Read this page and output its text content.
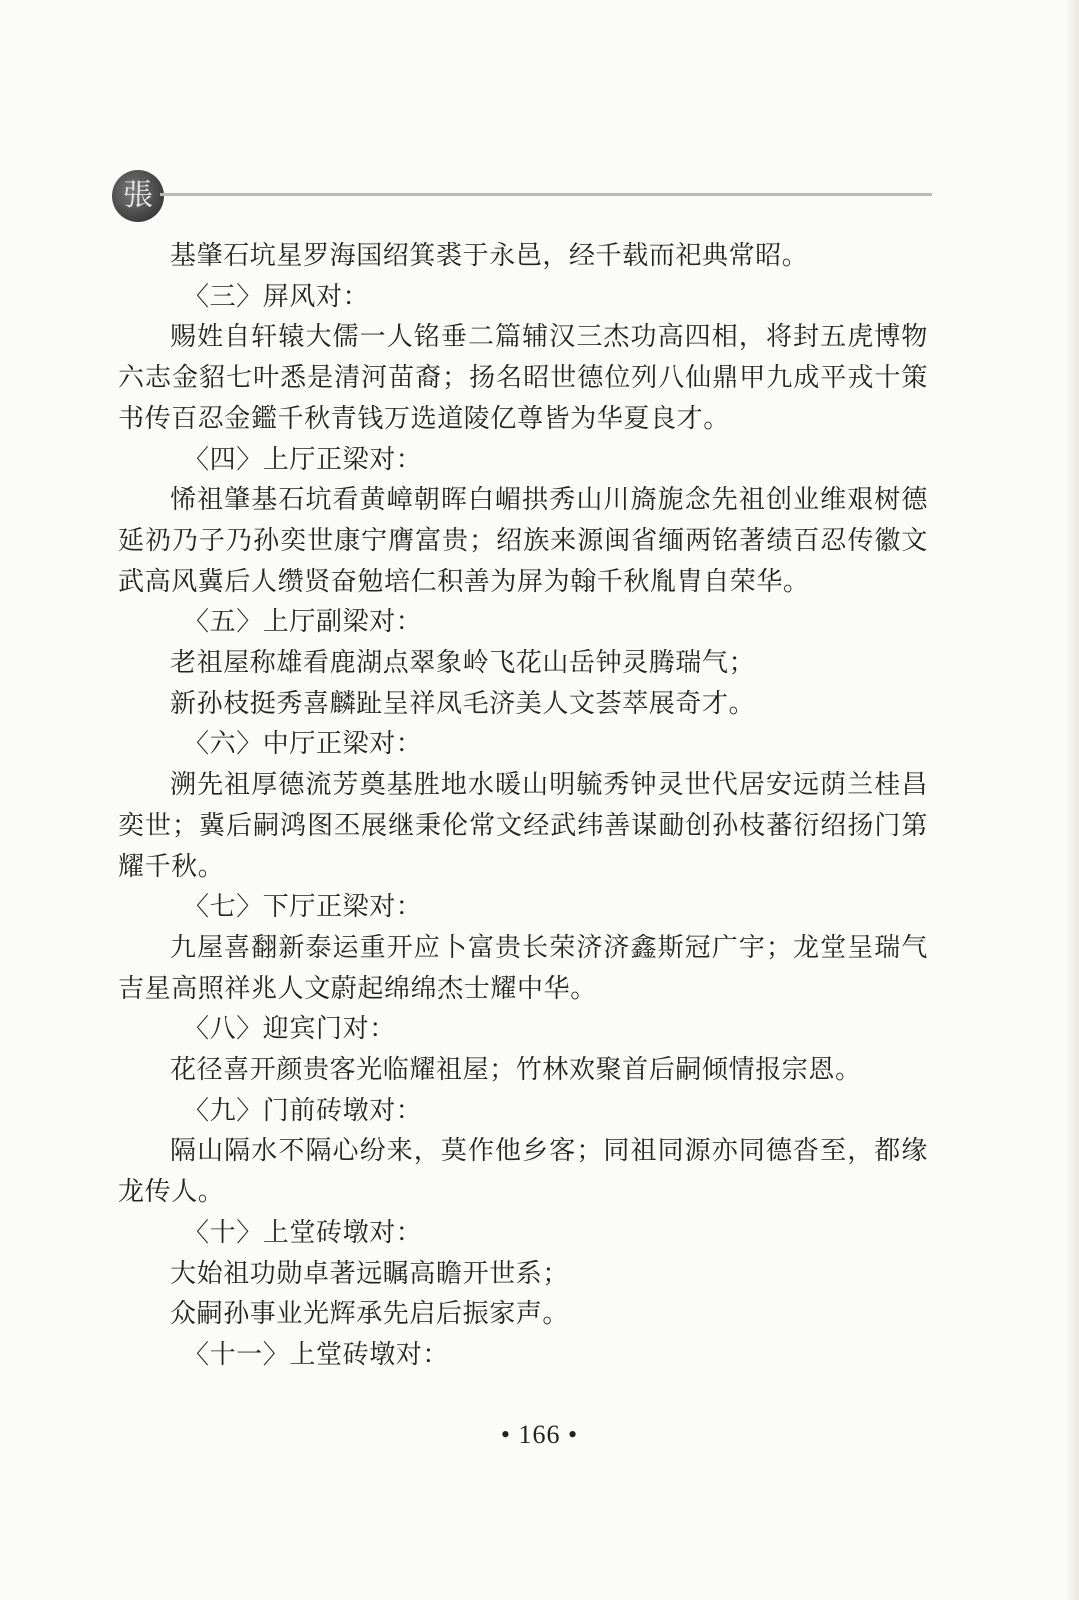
張

基肇石坑星罗海国绍箕裘于永邑，经千载而祀典常昭。

〈三〉屏风对：

赐姓自轩辕大儒一人铭垂二篇辅汉三杰功高四相，将封五虎博物六志金貂七叶悉是清河苗裔；扬名昭世德位列八仙鼎甲九成平戎十策书传百忍金鑑千秋青钱万选道陵亿尊皆为华夏良才。

〈四〉上厅正梁对：

悕祖肇基石坑看黄嶂朝晖白嵋拱秀山川旖旎念先祖创业维艰树德延礽乃子乃孙奕世康宁膺富贵；绍族来源闽省缅两铭著绩百忍传徽文武高风冀后人缵贤奋勉培仁积善为屏为翰千秋胤胄自荣华。

〈五〉上厅副梁对：

老祖屋称雄看鹿湖点翠象岭飞花山岳钟灵腾瑞气；

新孙枝挺秀喜麟趾呈祥凤毛济美人文荟萃展奇才。

〈六〉中厅正梁对：

溯先祖厚德流芳奠基胜地水暖山明毓秀钟灵世代居安远荫兰桂昌奕世；冀后嗣鸿图丕展继秉伦常文经武纬善谋勔创孙枝蕃衍绍扬门第耀千秋。

〈七〉下厅正梁对：

九屋喜翻新泰运重开应卜富贵长荣济济鑫斯冠广宇；龙堂呈瑞气吉星高照祥兆人文蔚起绵绵杰士耀中华。

〈八〉迎宾门对：

花径喜开颜贵客光临耀祖屋；竹林欢聚首后嗣倾情报宗恩。

〈九〉门前砖墩对：

隔山隔水不隔心纷来，莫作他乡客；同祖同源亦同德沓至，都缘龙传人。

〈十〉上堂砖墩对：

大始祖功勋卓著远瞩高瞻开世系；

众嗣孙事业光辉承先启后振家声。

〈十一〉上堂砖墩对：

• 166 •
